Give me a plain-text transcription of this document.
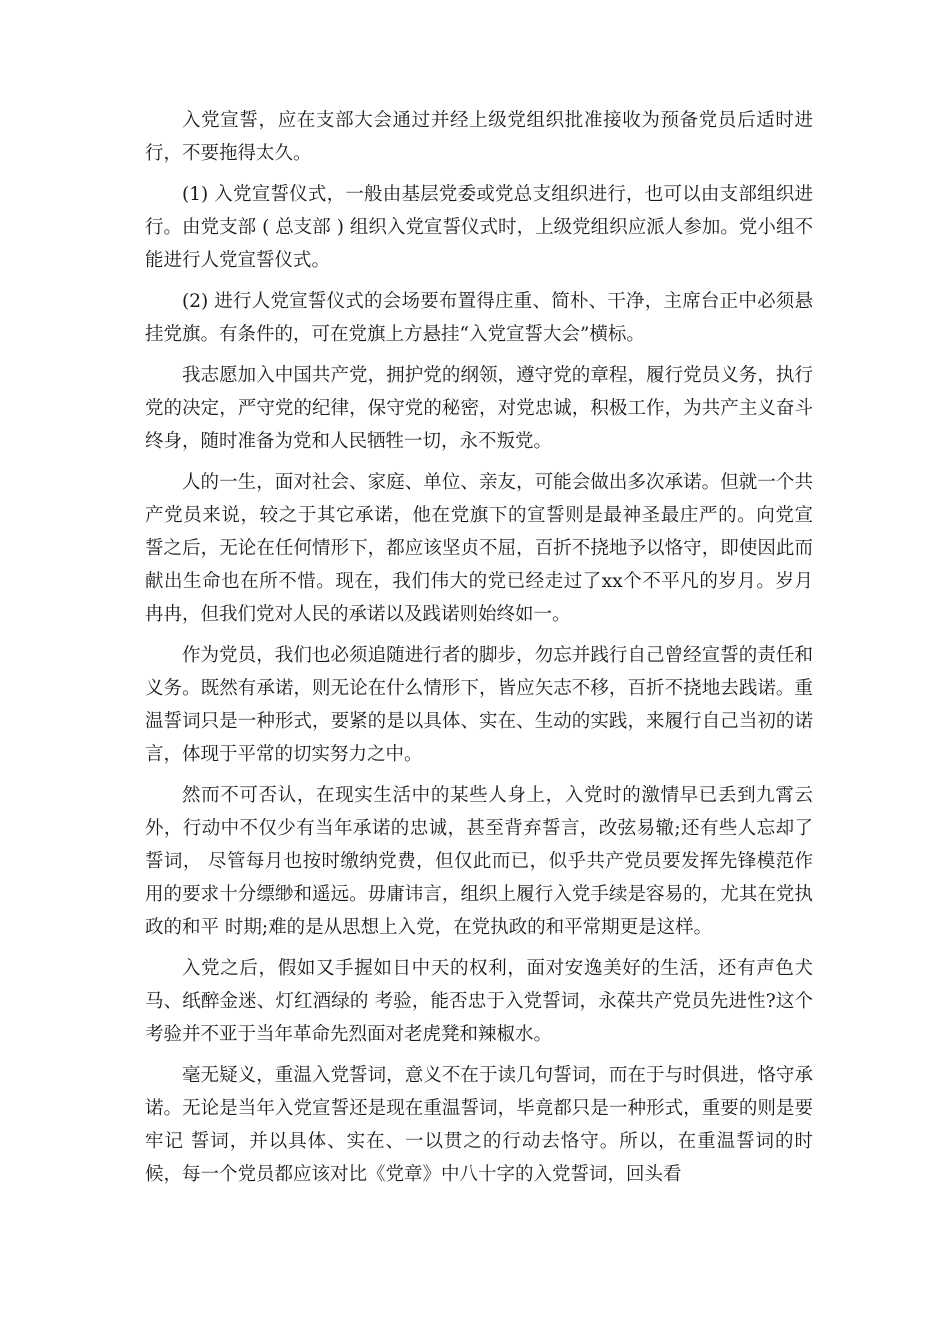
入党宣誓，应在支部大会通过并经上级党组织批准接收为预备党员后适时进行，不要拖得太久。

(1) 入党宣誓仪式，一般由基层党委或党总支组织进行，也可以由支部组织进行。由党支部 ( 总支部 ) 组织入党宣誓仪式时，上级党组织应派人参加。党小组不能进行人党宣誓仪式。

(2) 进行人党宣誓仪式的会场要布置得庄重、简朴、干净，主席台正中必须悬挂党旗。有条件的，可在党旗上方悬挂“入党宣誓大会”横标。

我志愿加入中国共产党，拥护党的纲领，遵守党的章程，履行党员义务，执行党的决定，严守党的纪律，保守党的秘密，对党忠诚，积极工作，为共产主义奋斗终身，随时准备为党和人民牺牲一切，永不叛党。

人的一生，面对社会、家庭、单位、亲友，可能会做出多次承诺。但就一个共产党员来说，较之于其它承诺，他在党旗下的宣誓则是最神圣最庄严的。向党宣 誓之后，无论在任何情形下，都应该坚贞不屈，百折不挠地予以恪守，即使因此而献出生命也在所不惜。现在，我们伟大的党已经走过了xx个不平凡的岁月。岁月冉冉，但我们党对人民的承诺以及践诺则始终如一。

作为党员，我们也必须追随进行者的脚步，勿忘并践行自己曾经宣誓的责任和义务。既然有承诺，则无论在什么情形下，皆应矢志不移，百折不挠地去践诺。重温誓词只是一种形式，要紧的是以具体、实在、生动的实践，来履行自己当初的诺言，体现于平常的切实努力之中。

然而不可否认，在现实生活中的某些人身上，入党时的激情早已丢到九霄云外，行动中不仅少有当年承诺的忠诚，甚至背弃誓言，改弦易辙;还有些人忘却了誓词， 尽管每月也按时缴纳党费，但仅此而已，似乎共产党员要发挥先锋模范作用的要求十分缥缈和遥远。毋庸讳言，组织上履行入党手续是容易的，尤其在党执政的和平 时期;难的是从思想上入党，在党执政的和平常期更是这样。

入党之后，假如又手握如日中天的权利，面对安逸美好的生活，还有声色犬马、纸醉金迷、灯红酒绿的 考验，能否忠于入党誓词，永葆共产党员先进性?这个考验并不亚于当年革命先烈面对老虎凳和辣椒水。

毫无疑义，重温入党誓词，意义不在于读几句誓词，而在于与时俱进，恪守承诺。无论是当年入党宣誓还是现在重温誓词，毕竟都只是一种形式，重要的则是要牢记 誓词，并以具体、实在、一以贯之的行动去恪守。所以，在重温誓词的时候，每一个党员都应该对比《党章》中八十字的入党誓词，回头看
